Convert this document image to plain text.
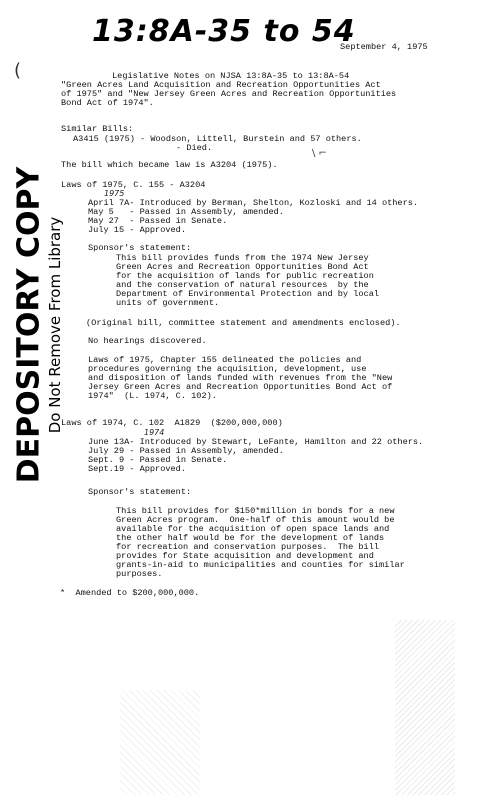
13:8A-35 to 54
September 4, 1975
(
\ ⌐
Legislative Notes on NJSA 13:8A-35 to 13:8A-54
"Green Acres Land Acquisition and Recreation Opportunities Act
of 1975" and "New Jersey Green Acres and Recreation Opportunities
Bond Act of 1974".
Similar Bills:
A3415 (1975) - Woodson, Littell, Burstein and 57 others.
- Died.
The bill which became law is A3204 (1975).
Laws of 1975, C. 155 - A3204
1975
April 7A- Introduced by Berman, Shelton, Kozloski and 14 others.
May 5   - Passed in Assembly, amended.
May 27  - Passed in Senate.
July 15 - Approved.
Sponsor's statement:
This bill provides funds from the 1974 New Jersey
Green Acres and Recreation Opportunities Bond Act
for the acquisition of lands for public recreation
and the conservation of natural resources  by the
Department of Environmental Protection and by local
units of government.
(Original bill, committee statement and amendments enclosed).
No hearings discovered.
Laws of 1975, Chapter 155 delineated the policies and
procedures governing the acquisition, development, use
and disposition of lands funded with revenues from the "New
Jersey Green Acres and Recreation Opportunities Bond Act of
1974"  (L. 1974, C. 102).
Laws of 1974, C. 102  A1829  ($200,000,000)
1974
June 13A- Introduced by Stewart, LeFante, Hamilton and 22 others.
July 29 - Passed in Assembly, amended.
Sept. 9 - Passed in Senate.
Sept.19 - Approved.
Sponsor's statement:
This bill provides for $150*million in bonds for a new
Green Acres program.  One-half of this amount would be
available for the acquisition of open space lands and
the other half would be for the development of lands
for recreation and conservation purposes.  The bill
provides for State acquisition and development and
grants-in-aid to municipalities and counties for similar
purposes.
*  Amended to $200,000,000.
DEPOSITORY COPY Do Not Remove From Library
